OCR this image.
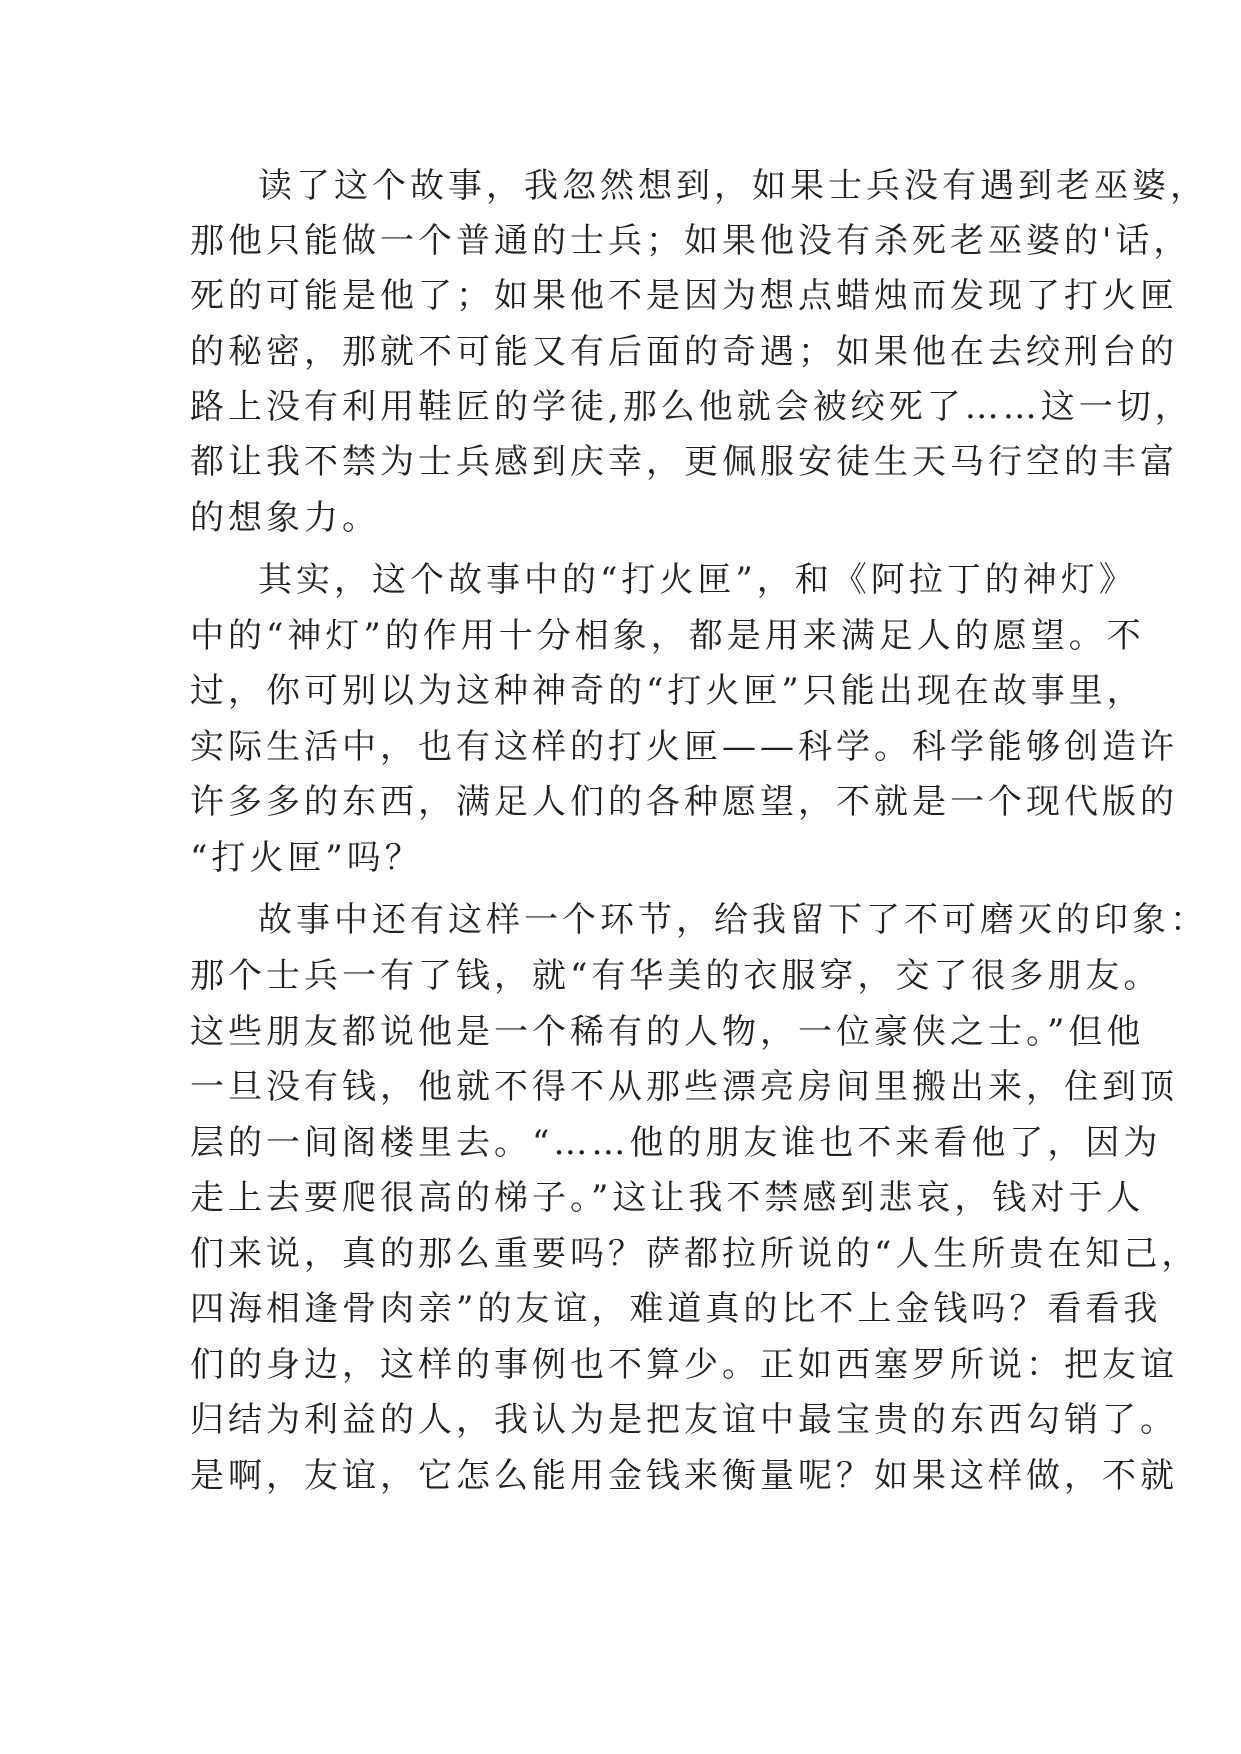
读了这个故事，我忽然想到，如果士兵没有遇到老巫婆，
那他只能做一个普通的士兵；如果他没有杀死老巫婆的'话，
死的可能是他了；如果他不是因为想点蜡烛而发现了打火匣
的秘密，那就不可能又有后面的奇遇；如果他在去绞刑台的
路上没有利用鞋匠的学徒,那么他就会被绞死了……这一切，
都让我不禁为士兵感到庆幸，更佩服安徒生天马行空的丰富
的想象力。
其实，这个故事中的“打火匣”，和《阿拉丁的神灯》
中的“神灯”的作用十分相象，都是用来满足人的愿望。不
过，你可别以为这种神奇的“打火匣”只能出现在故事里，
实际生活中，也有这样的打火匣——科学。科学能够创造许
许多多的东西，满足人们的各种愿望，不就是一个现代版的
“打火匣”吗？
故事中还有这样一个环节，给我留下了不可磨灭的印象：
那个士兵一有了钱，就“有华美的衣服穿，交了很多朋友。
这些朋友都说他是一个稀有的人物，一位豪侠之士。”但他
一旦没有钱，他就不得不从那些漂亮房间里搬出来，住到顶
层的一间阁楼里去。“……他的朋友谁也不来看他了，因为
走上去要爬很高的梯子。”这让我不禁感到悲哀，钱对于人
们来说，真的那么重要吗？萨都拉所说的“人生所贵在知己，
四海相逢骨肉亲”的友谊，难道真的比不上金钱吗？看看我
们的身边，这样的事例也不算少。正如西塞罗所说：把友谊
归结为利益的人，我认为是把友谊中最宝贵的东西勾销了。
是啊，友谊，它怎么能用金钱来衡量呢？如果这样做，不就
